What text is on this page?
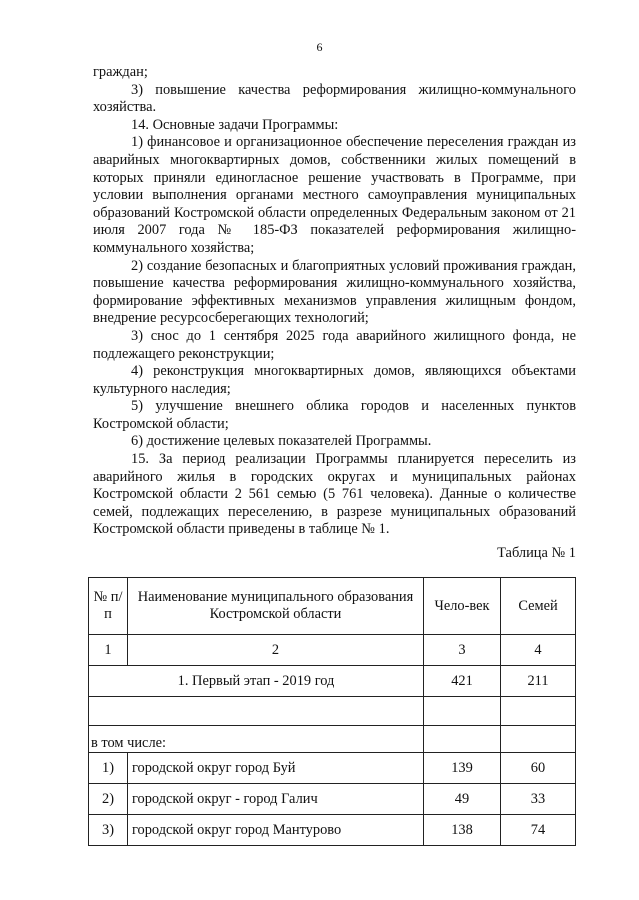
6

граждан;

3) повышение качества реформирования жилищно-коммунального хозяйства.

14. Основные задачи Программы:

1) финансовое и организационное обеспечение переселения граждан из аварийных многоквартирных домов, собственники жилых помещений в которых приняли единогласное решение участвовать в Программе, при условии выполнения органами местного самоуправления муниципальных образований Костромской области определенных Федеральным законом от 21 июля 2007 года № 185-ФЗ показателей реформирования жилищно-коммунального хозяйства;

2) создание безопасных и благоприятных условий проживания граждан, повышение качества реформирования жилищно-коммунального хозяйства, формирование эффективных механизмов управления жилищным фондом, внедрение ресурсосберегающих технологий;

3) снос до 1 сентября 2025 года аварийного жилищного фонда, не подлежащего реконструкции;

4) реконструкция многоквартирных домов, являющихся объектами культурного наследия;

5) улучшение внешнего облика городов и населенных пунктов Костромской области;

6) достижение целевых показателей Программы.

15. За период реализации Программы планируется переселить из аварийного жилья в городских округах и муниципальных районах Костромской области 2 561 семью (5 761 человека). Данные о количестве семей, подлежащих переселению, в разрезе муниципальных образований Костромской области приведены в таблице № 1.

Таблица № 1
№ п/п	Наименование муниципального образования Костромской области	Чело-век	Семей
1	2	3	4
1. Первый этап - 2019 год		421	211

в том числе:			
1)	городской округ город Буй	139	60
2)	городской округ - город Галич	49	33
3)	городской округ город Мантурово	138	74
